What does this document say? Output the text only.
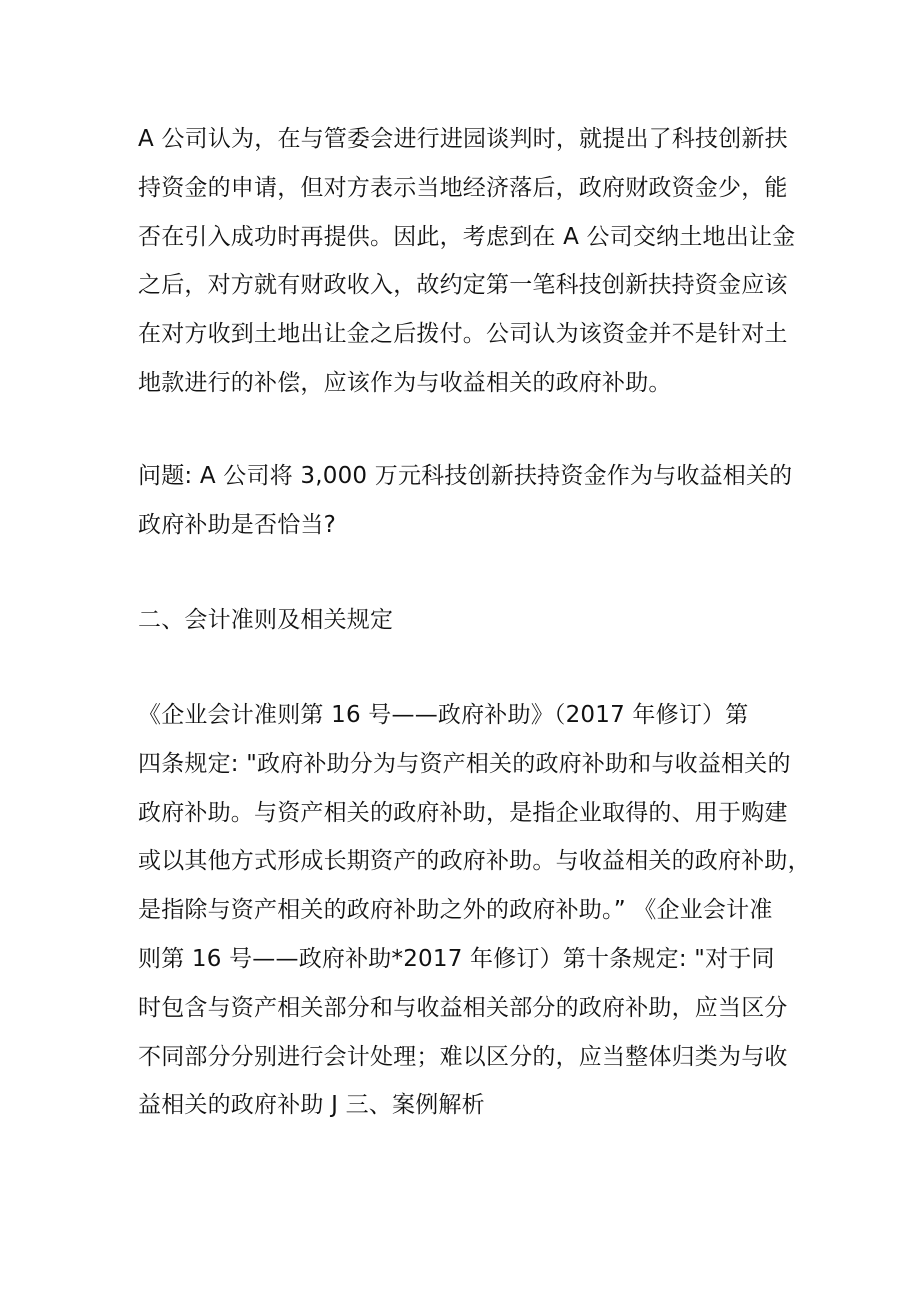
A 公司认为，在与管委会进行进园谈判时，就提出了科技创新扶
持资金的申请，但对方表示当地经济落后，政府财政资金少，能
否在引入成功时再提供。因此，考虑到在 A 公司交纳土地出让金
之后，对方就有财政收入，故约定第一笔科技创新扶持资金应该
在对方收到土地出让金之后拨付。公司认为该资金并不是针对土
地款进行的补偿，应该作为与收益相关的政府补助。

问题: A 公司将 3,000 万元科技创新扶持资金作为与收益相关的
政府补助是否恰当?

二、会计准则及相关规定

《企业会计准则第 16 号——政府补助》（2017 年修订）第
四条规定: "政府补助分为与资产相关的政府补助和与收益相关的
政府补助。与资产相关的政府补助，是指企业取得的、用于购建
或以其他方式形成长期资产的政府补助。与收益相关的政府补助，
是指除与资产相关的政府补助之外的政府补助。” 《企业会计准
则第 16 号——政府补助*2017 年修订）第十条规定: "对于同
时包含与资产相关部分和与收益相关部分的政府补助，应当区分
不同部分分别进行会计处理；难以区分的，应当整体归类为与收
益相关的政府补助 J 三、案例解析
